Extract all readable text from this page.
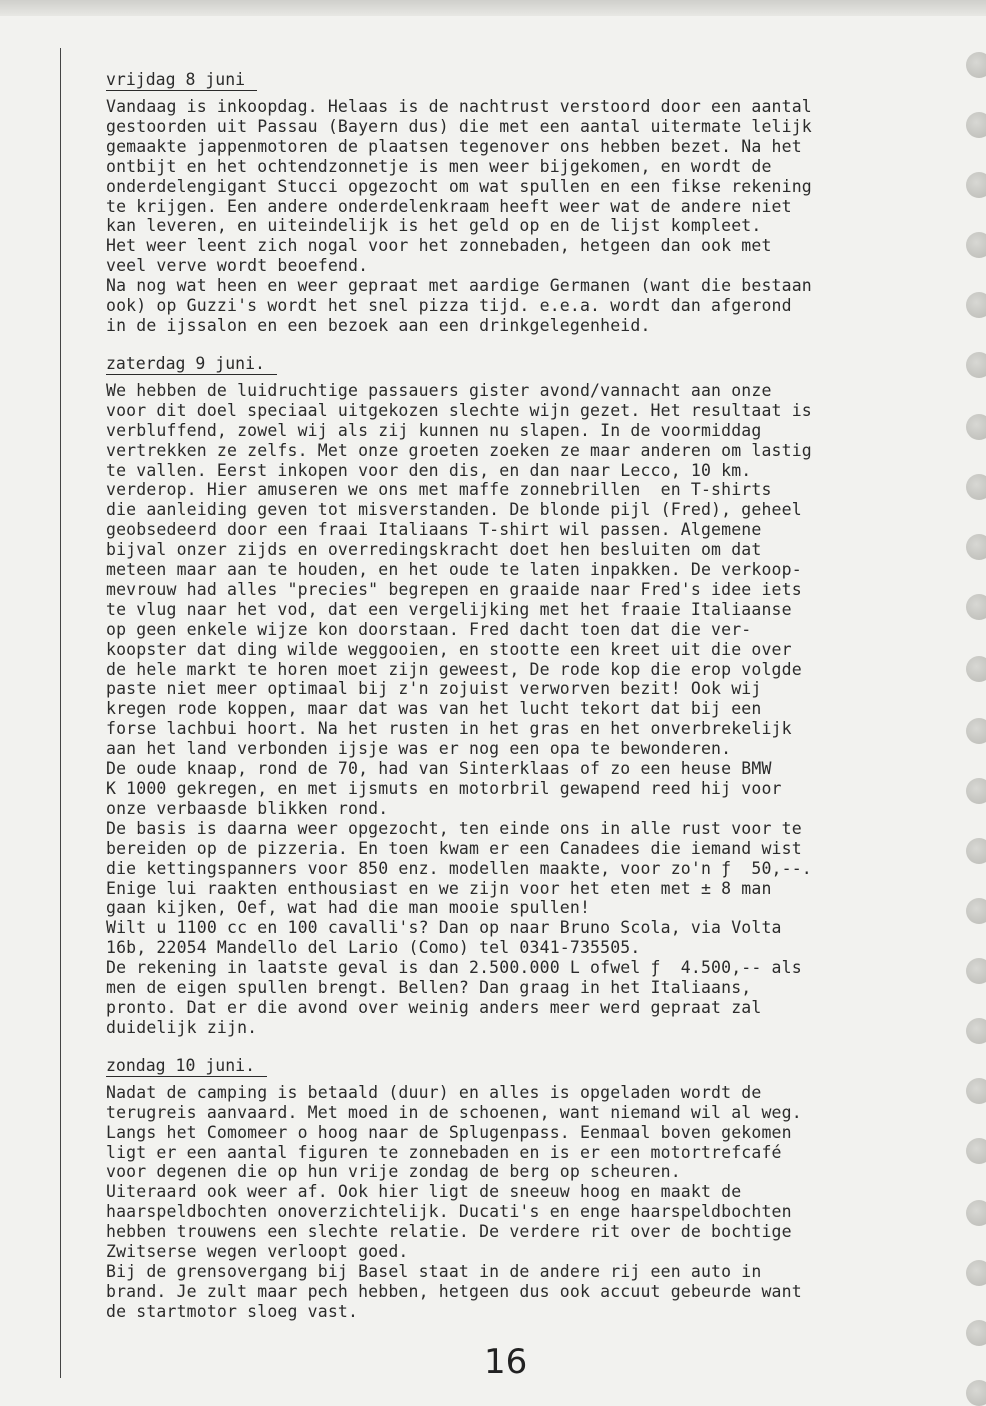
vrijdag 8 juni
Vandaag is inkoopdag. Helaas is de nachtrust verstoord door een aantal
gestoorden uit Passau (Bayern dus) die met een aantal uitermate lelijk
gemaakte jappenmotoren de plaatsen tegenover ons hebben bezet. Na het
ontbijt en het ochtendzonnetje is men weer bijgekomen, en wordt de
onderdelengigant Stucci opgezocht om wat spullen en een fikse rekening
te krijgen. Een andere onderdelenkraam heeft weer wat de andere niet
kan leveren, en uiteindelijk is het geld op en de lijst kompleet.
Het weer leent zich nogal voor het zonnebaden, hetgeen dan ook met
veel verve wordt beoefend.
Na nog wat heen en weer gepraat met aardige Germanen (want die bestaan
ook) op Guzzi's wordt het snel pizza tijd. e.e.a. wordt dan afgerond
in de ijssalon en een bezoek aan een drinkgelegenheid.
zaterdag 9 juni.
We hebben de luidruchtige passauers gister avond/vannacht aan onze
voor dit doel speciaal uitgekozen slechte wijn gezet. Het resultaat is
verbluffend, zowel wij als zij kunnen nu slapen. In de voormiddag
vertrekken ze zelfs. Met onze groeten zoeken ze maar anderen om lastig
te vallen. Eerst inkopen voor den dis, en dan naar Lecco, 10 km.
verderop. Hier amuseren we ons met maffe zonnebrillen  en T-shirts
die aanleiding geven tot misverstanden. De blonde pijl (Fred), geheel
geobsedeerd door een fraai Italiaans T-shirt wil passen. Algemene
bijval onzer zijds en overredingskracht doet hen besluiten om dat
meteen maar aan te houden, en het oude te laten inpakken. De verkoop-
mevrouw had alles "precies" begrepen en graaide naar Fred's idee iets
te vlug naar het vod, dat een vergelijking met het fraaie Italiaanse
op geen enkele wijze kon doorstaan. Fred dacht toen dat die ver-
koopster dat ding wilde weggooien, en stootte een kreet uit die over
de hele markt te horen moet zijn geweest, De rode kop die erop volgde
paste niet meer optimaal bij z'n zojuist verworven bezit! Ook wij
kregen rode koppen, maar dat was van het lucht tekort dat bij een
forse lachbui hoort. Na het rusten in het gras en het onverbrekelijk
aan het land verbonden ijsje was er nog een opa te bewonderen.
De oude knaap, rond de 70, had van Sinterklaas of zo een heuse BMW
K 1000 gekregen, en met ijsmuts en motorbril gewapend reed hij voor
onze verbaasde blikken rond.
De basis is daarna weer opgezocht, ten einde ons in alle rust voor te
bereiden op de pizzeria. En toen kwam er een Canadees die iemand wist
die kettingspanners voor 850 enz. modellen maakte, voor zo'n ƒ  50,--.
Enige lui raakten enthousiast en we zijn voor het eten met ± 8 man
gaan kijken, Oef, wat had die man mooie spullen!
Wilt u 1100 cc en 100 cavalli's? Dan op naar Bruno Scola, via Volta
16b, 22054 Mandello del Lario (Como) tel 0341-735505.
De rekening in laatste geval is dan 2.500.000 L ofwel ƒ  4.500,-- als
men de eigen spullen brengt. Bellen? Dan graag in het Italiaans,
pronto. Dat er die avond over weinig anders meer werd gepraat zal
duidelijk zijn.
zondag 10 juni.
Nadat de camping is betaald (duur) en alles is opgeladen wordt de
terugreis aanvaard. Met moed in de schoenen, want niemand wil al weg.
Langs het Comomeer o hoog naar de Splugenpass. Eenmaal boven gekomen
ligt er een aantal figuren te zonnebaden en is er een motortrefcafé
voor degenen die op hun vrije zondag de berg op scheuren.
Uiteraard ook weer af. Ook hier ligt de sneeuw hoog en maakt de
haarspeldbochten onoverzichtelijk. Ducati's en enge haarspeldbochten
hebben trouwens een slechte relatie. De verdere rit over de bochtige
Zwitserse wegen verloopt goed.
Bij de grensovergang bij Basel staat in de andere rij een auto in
brand. Je zult maar pech hebben, hetgeen dus ook accuut gebeurde want
de startmotor sloeg vast.
16
